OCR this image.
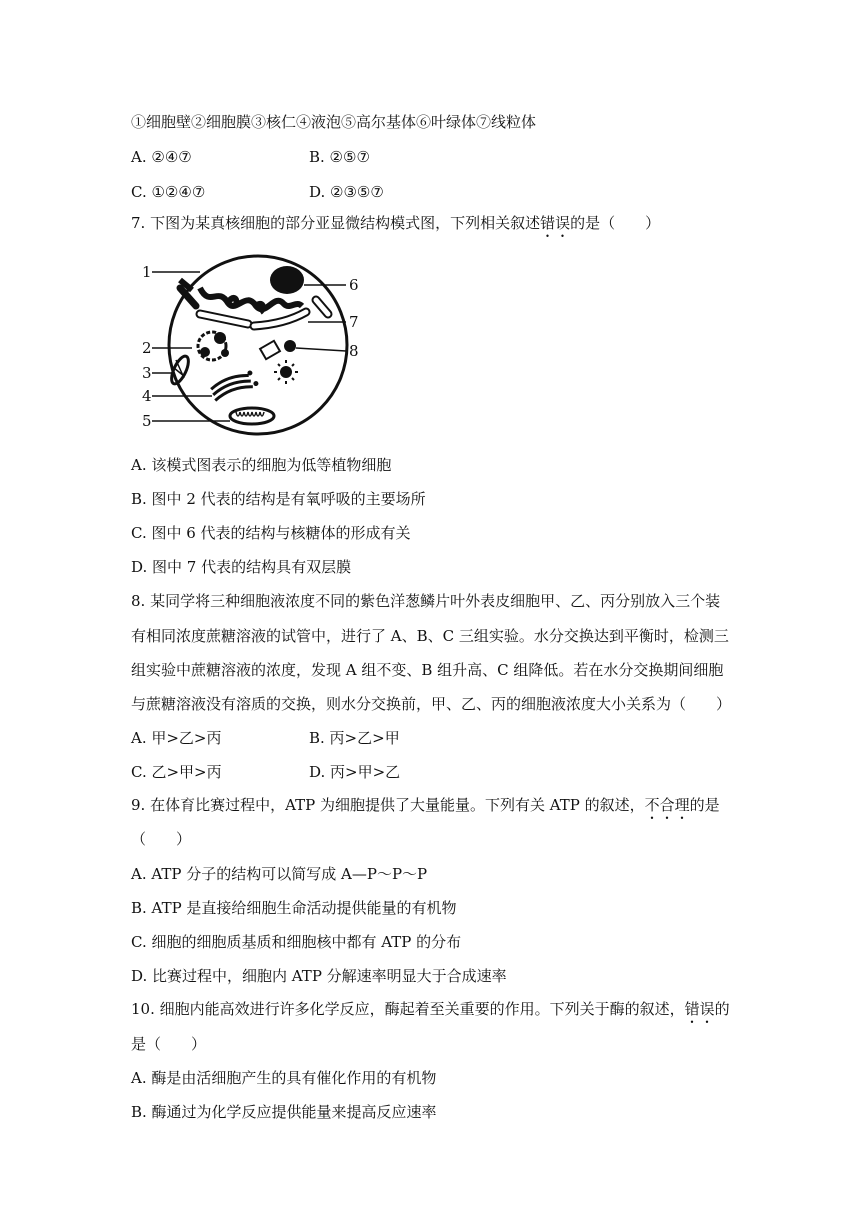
①细胞壁②细胞膜③核仁④液泡⑤高尔基体⑥叶绿体⑦线粒体
A. ②④⑦	B. ②⑤⑦
C. ①②④⑦	D. ②③⑤⑦
7. 下图为某真核细胞的部分亚显微结构模式图，下列相关叙述错误的是（　　）
1
2
3
4
5
6
7
8
A. 该模式图表示的细胞为低等植物细胞
B. 图中 2 代表的结构是有氧呼吸的主要场所
C. 图中 6 代表的结构与核糖体的形成有关
D. 图中 7 代表的结构具有双层膜
8. 某同学将三种细胞液浓度不同的紫色洋葱鳞片叶外表皮细胞甲、乙、丙分别放入三个装
有相同浓度蔗糖溶液的试管中，进行了 A、B、C 三组实验。水分交换达到平衡时，检测三
组实验中蔗糖溶液的浓度，发现 A 组不变、B 组升高、C 组降低。若在水分交换期间细胞
与蔗糖溶液没有溶质的交换，则水分交换前，甲、乙、丙的细胞液浓度大小关系为（　　）
A. 甲>乙>丙	B. 丙>乙>甲
C. 乙>甲>丙	D. 丙>甲>乙
9. 在体育比赛过程中，ATP 为细胞提供了大量能量。下列有关 ATP 的叙述，不合理的是
（　　）
A. ATP 分子的结构可以简写成 A—P～P～P
B. ATP 是直接给细胞生命活动提供能量的有机物
C. 细胞的细胞质基质和细胞核中都有 ATP 的分布
D. 比赛过程中，细胞内 ATP 分解速率明显大于合成速率
10. 细胞内能高效进行许多化学反应，酶起着至关重要的作用。下列关于酶的叙述，错误的
是（　　）
A. 酶是由活细胞产生的具有催化作用的有机物
B. 酶通过为化学反应提供能量来提高反应速率
